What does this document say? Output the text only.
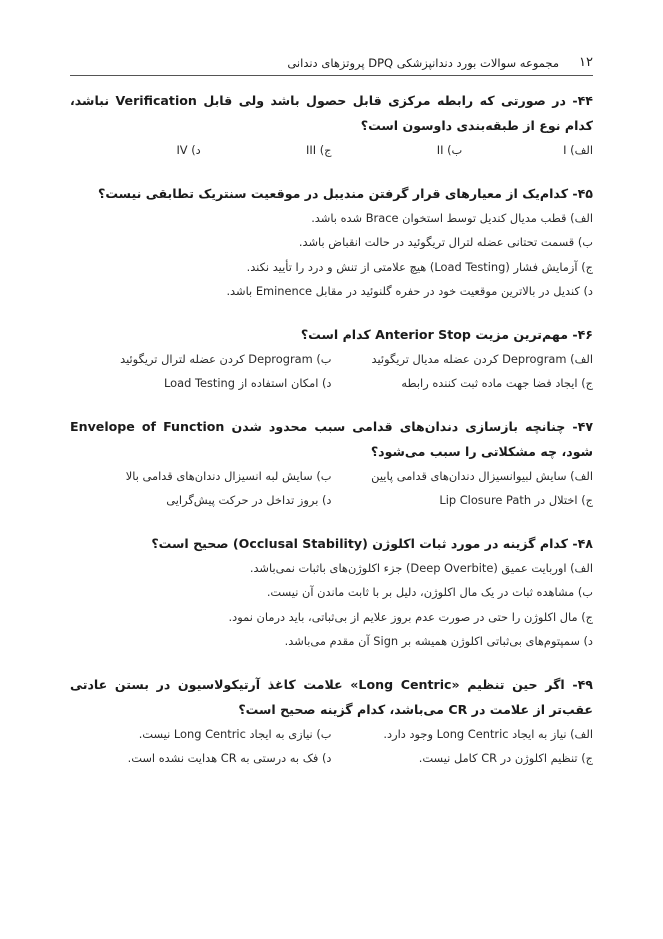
۱۲
مجموعه سوالات بورد دندانپزشکی DPQ پروتزهای دندانی
۴۴- در صورتی که رابطه مرکزی قابل حصول باشد ولی قابل Verification نباشد، کدام نوع از طبقه‌بندی داوسون است؟
الف) I
ب) II
ج) III
د) IV
۴۵- کدام‌یک از معیارهای قرار گرفتن مندیبل در موقعیت سنتریک تطابقی نیست؟
الف) قطب مدیال کندیل توسط استخوان Brace شده باشد.
ب) قسمت تحتانی عضله لترال تریگوئید در حالت انقباض باشد.
ج) آزمایش فشار (Load Testing) هیچ علامتی از تنش و درد را تأیید نکند.
د) کندیل در بالاترین موقعیت خود در حفره گلنوئید در مقابل Eminence باشد.
۴۶- مهم‌ترین مزیت Anterior Stop کدام است؟
الف) Deprogram کردن عضله مدیال تریگوئید
ب) Deprogram کردن عضله لترال تریگوئید
ج) ایجاد فضا جهت ماده ثبت کننده رابطه
د) امکان استفاده از Load Testing
۴۷- چنانچه بازسازی دندان‌های قدامی سبب محدود شدن Envelope of Function شود، چه مشکلاتی را سبب می‌شود؟
الف) سایش لبیوانسیزال دندان‌های قدامی پایین
ب) سایش لبه انسیزال دندان‌های قدامی بالا
ج) اختلال در Lip Closure Path
د) بروز تداخل در حرکت پیش‌گرایی
۴۸- کدام گزینه در مورد ثبات اکلوژن (Occlusal Stability) صحیح است؟
الف) اوربایت عمیق (Deep Overbite) جزء اکلوژن‌های باثبات نمی‌باشد.
ب) مشاهده ثبات در یک مال اکلوژن، دلیل بر با ثابت ماندن آن نیست.
ج) مال اکلوژن را حتی در صورت عدم بروز علایم از بی‌ثباتی، باید درمان نمود.
د) سمپتوم‌های بی‌ثباتی اکلوژن همیشه بر Sign آن مقدم می‌باشد.
۴۹- اگر حین تنظیم «Long Centric» علامت کاغذ آرتیکولاسیون در بستن عادتی عقب‌تر از علامت در CR می‌باشد، کدام گزینه صحیح است؟
الف) نیاز به ایجاد Long Centric وجود دارد.
ب) نیازی به ایجاد Long Centric نیست.
ج) تنظیم اکلوژن در CR کامل نیست.
د) فک به درستی به CR هدایت نشده است.
